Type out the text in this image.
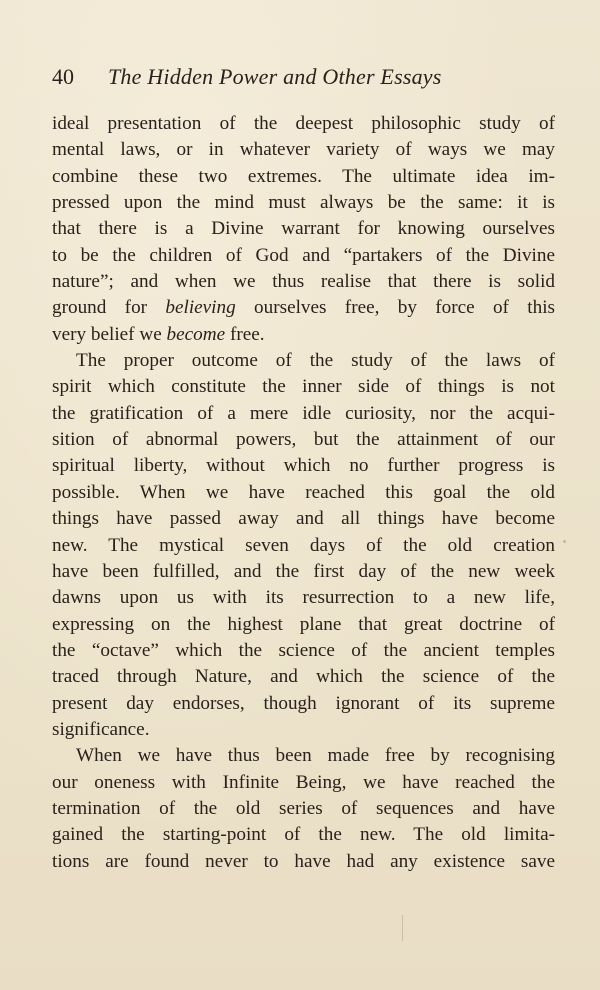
40 The Hidden Power and Other Essays
ideal presentation of the deepest philosophic study of
mental laws, or in whatever variety of ways we may
combine these two extremes. The ultimate idea im-
pressed upon the mind must always be the same: it is
that there is a Divine warrant for knowing ourselves
to be the children of God and “partakers of the Divine
nature”; and when we thus realise that there is solid
ground for believing ourselves free, by force of this
very belief we become free.
The proper outcome of the study of the laws of
spirit which constitute the inner side of things is not
the gratification of a mere idle curiosity, nor the acqui-
sition of abnormal powers, but the attainment of our
spiritual liberty, without which no further progress is
possible. When we have reached this goal the old
things have passed away and all things have become
new. The mystical seven days of the old creation
have been fulfilled, and the first day of the new week
dawns upon us with its resurrection to a new life,
expressing on the highest plane that great doctrine of
the “octave” which the science of the ancient temples
traced through Nature, and which the science of the
present day endorses, though ignorant of its supreme
significance.
When we have thus been made free by recognising
our oneness with Infinite Being, we have reached the
termination of the old series of sequences and have
gained the starting-point of the new. The old limita-
tions are found never to have had any existence save
